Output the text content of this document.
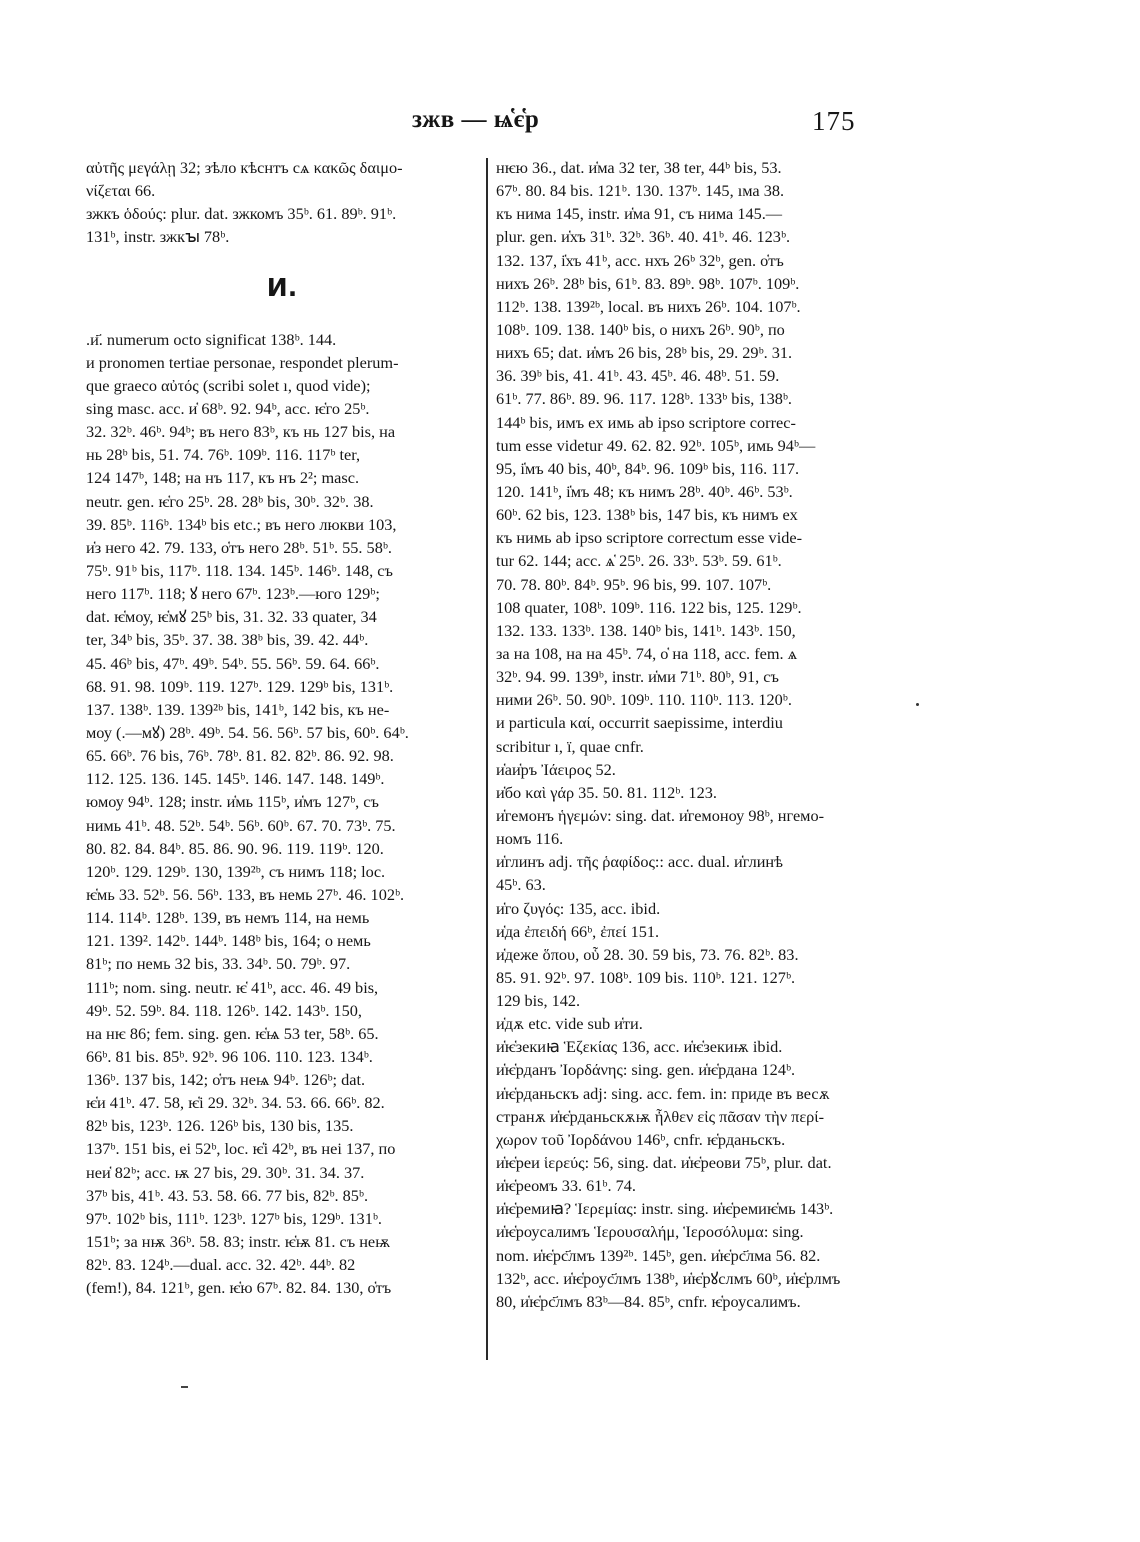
зжв — ѩ҅є҅р	175
αὐτῆς μεγάλῃ 32; зѣло кѣснтъ сѧ κακῶς δαιμο-
νίζεται 66.
зжкъ ὁδούς: plur. dat. зжкомъ 35ᵇ. 61. 89ᵇ. 91ᵇ.
131ᵇ, instr. зжкꙑ 78ᵇ.
И.
.и҃. numerum octo significat 138ᵇ. 144.
и pronomen tertiae personae, respondet plerum-
que graeco αὐτός (scribi solet ı, quod vide);
sing masc. acc. и҅ 68ᵇ. 92. 94ᵇ, acc. ѥ҅го 25ᵇ.
32. 32ᵇ. 46ᵇ. 94ᵇ; въ него 83ᵇ, къ нь 127 bis, на
нь 28ᵇ bis, 51. 74. 76ᵇ. 109ᵇ. 116. 117ᵇ ter,
124 147ᵇ, 148; на нъ 117, къ нъ 2²; masc.
neutr. gen. ѥ҅го 25ᵇ. 28. 28ᵇ bis, 30ᵇ. 32ᵇ. 38.
39. 85ᵇ. 116ᵇ. 134ᵇ bis etc.; въ него люкви 103,
и҅з него 42. 79. 133, о҅тъ него 28ᵇ. 51ᵇ. 55. 58ᵇ.
75ᵇ. 91ᵇ bis, 117ᵇ. 118. 134. 145ᵇ. 146ᵇ. 148, съ
него 117ᵇ. 118; ꙋ него 67ᵇ. 123ᵇ.—юго 129ᵇ;
dat. ѥ҅моу, ѥ҅мꙋ 25ᵇ bis, 31. 32. 33 quater, 34
ter, 34ᵇ bis, 35ᵇ. 37. 38. 38ᵇ bis, 39. 42. 44ᵇ.
45. 46ᵇ bis, 47ᵇ. 49ᵇ. 54ᵇ. 55. 56ᵇ. 59. 64. 66ᵇ.
68. 91. 98. 109ᵇ. 119. 127ᵇ. 129. 129ᵇ bis, 131ᵇ.
137. 138ᵇ. 139. 139²ᵇ bis, 141ᵇ, 142 bis, къ не-
моу (.—мꙋ) 28ᵇ. 49ᵇ. 54. 56. 56ᵇ. 57 bis, 60ᵇ. 64ᵇ.
65. 66ᵇ. 76 bis, 76ᵇ. 78ᵇ. 81. 82. 82ᵇ. 86. 92. 98.
112. 125. 136. 145. 145ᵇ. 146. 147. 148. 149ᵇ.
юмоу 94ᵇ. 128; instr. и҅мь 115ᵇ, и҅мъ 127ᵇ, съ
нимь 41ᵇ. 48. 52ᵇ. 54ᵇ. 56ᵇ. 60ᵇ. 67. 70. 73ᵇ. 75.
80. 82. 84. 84ᵇ. 85. 86. 90. 96. 119. 119ᵇ. 120.
120ᵇ. 129. 129ᵇ. 130, 139²ᵇ, съ нимъ 118; loc.
ѥ҅мь 33. 52ᵇ. 56. 56ᵇ. 133, въ немь 27ᵇ. 46. 102ᵇ.
114. 114ᵇ. 128ᵇ. 139, въ немъ 114, на немь
121. 139². 142ᵇ. 144ᵇ. 148ᵇ bis, 164; о немь
81ᵇ; по немь 32 bis, 33. 34ᵇ. 50. 79ᵇ. 97.
111ᵇ; nom. sing. neutr. ѥ҅ 41ᵇ, acc. 46. 49 bis,
49ᵇ. 52. 59ᵇ. 84. 118. 126ᵇ. 142. 143ᵇ. 150,
на нѥ 86; fem. sing. gen. ѥ҅ѩ 53 ter, 58ᵇ. 65.
66ᵇ. 81 bis. 85ᵇ. 92ᵇ. 96 106. 110. 123. 134ᵇ.
136ᵇ. 137 bis, 142; о҅тъ неѩ 94ᵇ. 126ᵇ; dat.
ѥ҅и 41ᵇ. 47. 58, ѥ҅і 29. 32ᵇ. 34. 53. 66. 66ᵇ. 82.
82ᵇ bis, 123ᵇ. 126. 126ᵇ bis, 130 bis, 135.
137ᵇ. 151 bis, еі 52ᵇ, loc. ѥ҅і 42ᵇ, въ неі 137, по
неи҅ 82ᵇ; acc. ѭ 27 bis, 29. 30ᵇ. 31. 34. 37.
37ᵇ bis, 41ᵇ. 43. 53. 58. 66. 77 bis, 82ᵇ. 85ᵇ.
97ᵇ. 102ᵇ bis, 111ᵇ. 123ᵇ. 127ᵇ bis, 129ᵇ. 131ᵇ.
151ᵇ; за нѭ 36ᵇ. 58. 83; instr. ѥ҅ѭ 81. съ неѭ
82ᵇ. 83. 124ᵇ.—dual. acc. 32. 42ᵇ. 44ᵇ. 82
(fem!), 84. 121ᵇ, gen. ѥ҅ю 67ᵇ. 82. 84. 130, о҅тъ
нѥю 36., dat. и҅ма 32 ter, 38 ter, 44ᵇ bis, 53.
67ᵇ. 80. 84 bis. 121ᵇ. 130. 137ᵇ. 145, ıма 38.
къ нима 145, instr. и҅ма 91, съ нима 145.—
plur. gen. и҅хъ 31ᵇ. 32ᵇ. 36ᵇ. 40. 41ᵇ. 46. 123ᵇ.
132. 137, і҅хъ 41ᵇ, acc. нхъ 26ᵇ 32ᵇ, gen. о҅тъ
нихъ 26ᵇ. 28ᵇ bis, 61ᵇ. 83. 89ᵇ. 98ᵇ. 107ᵇ. 109ᵇ.
112ᵇ. 138. 139²ᵇ, local. въ нихъ 26ᵇ. 104. 107ᵇ.
108ᵇ. 109. 138. 140ᵇ bis, о нихъ 26ᵇ. 90ᵇ, по
нихъ 65; dat. и҅мъ 26 bis, 28ᵇ bis, 29. 29ᵇ. 31.
36. 39ᵇ bis, 41. 41ᵇ. 43. 45ᵇ. 46. 48ᵇ. 51. 59.
61ᵇ. 77. 86ᵇ. 89. 96. 117. 128ᵇ. 133ᵇ bis, 138ᵇ.
144ᵇ bis, имъ ex имь ab ipso scriptore correc-
tum esse videtur 49. 62. 82. 92ᵇ. 105ᵇ, имь 94ᵇ—
95, і҅мъ 40 bis, 40ᵇ, 84ᵇ. 96. 109ᵇ bis, 116. 117.
120. 141ᵇ, і҅мъ 48; къ нимъ 28ᵇ. 40ᵇ. 46ᵇ. 53ᵇ.
60ᵇ. 62 bis, 123. 138ᵇ bis, 147 bis, къ нимъ ex
къ нимь ab ipso scriptore correctum esse vide-
tur 62. 144; acc. ѧ҅ 25ᵇ. 26. 33ᵇ. 53ᵇ. 59. 61ᵇ.
70. 78. 80ᵇ. 84ᵇ. 95ᵇ. 96 bis, 99. 107. 107ᵇ.
108 quater, 108ᵇ. 109ᵇ. 116. 122 bis, 125. 129ᵇ.
132. 133. 133ᵇ. 138. 140ᵇ bis, 141ᵇ. 143ᵇ. 150,
за на 108, на на 45ᵇ. 74, о҅ на 118, acc. fem. ѧ
32ᵇ. 94. 99. 139ᵇ, instr. и҅ми 71ᵇ. 80ᵇ, 91, съ
ними 26ᵇ. 50. 90ᵇ. 109ᵇ. 110. 110ᵇ. 113. 120ᵇ.
и particula καί, occurrit saepissime, interdiu
scribitur ı, ï, quae cnfr.
и҅аи҅ръ Ἰάειρος 52.
и҅бо καὶ γάρ 35. 50. 81. 112ᵇ. 123.
и҅гемонъ ἡγεμών: sing. dat. и҅гемоноу 98ᵇ, нгемо-
номъ 116.
и҅глинъ adj. τῆς ῥαφίδος:: acc. dual. и҅глинѣ
45ᵇ. 63.
и҅го ζυγός: 135, acc. ibid.
и҅да ἐπειδή 66ᵇ, ἐπεί 151.
и҅деже ὅπου, οὗ 28. 30. 59 bis, 73. 76. 82ᵇ. 83.
85. 91. 92ᵇ. 97. 108ᵇ. 109 bis. 110ᵇ. 121. 127ᵇ.
129 bis, 142.
и҅дѫ etc. vide sub и҅ти.
и҅ѥ҅зекиꙗ Ἑζεκίας 136, acc. и҅ѥ҅зекиѭ ibid.
и҅ѥ҅рданъ Ἰορδάνης: sing. gen. и҅ѥ҅рдана 124ᵇ.
и҅ѥ҅рданьскъ adj: sing. acc. fem. in: приде въ весѫ
странѫ и҅ѥ҅рданьскѫѭ ἦλθεν εἰς πᾶσαν τὴν περί-
χωρον τοῦ Ἰορδάνου 146ᵇ, cnfr. ѥ҅рданьскъ.
и҅ѥ҅реи ἱερεύς: 56, sing. dat. и҅ѥ҅реови 75ᵇ, plur. dat.
и҅ѥ҅реомъ 33. 61ᵇ. 74.
и҅ѥ҅ремиꙗ? Ἱερεμίας: instr. sing. и҅ѥ҅ремиѥ҅мь 143ᵇ.
и҅ѥ҅роусалимъ Ἱερουσαλήμ, Ἱεροσόλυμα: sing.
nom. и҅ѥ҅рс҃лмъ 139²ᵇ. 145ᵇ, gen. и҅ѥ҅рс҃лма 56. 82.
132ᵇ, acc. и҅ѥ҅роус҃лмъ 138ᵇ, и҅ѥ҅рꙋслмъ 60ᵇ, и҅ѥ҅рлмъ
80, и҅ѥ҅рс҃лмъ 83ᵇ—84. 85ᵇ, cnfr. ѥ҅роусалимъ.
